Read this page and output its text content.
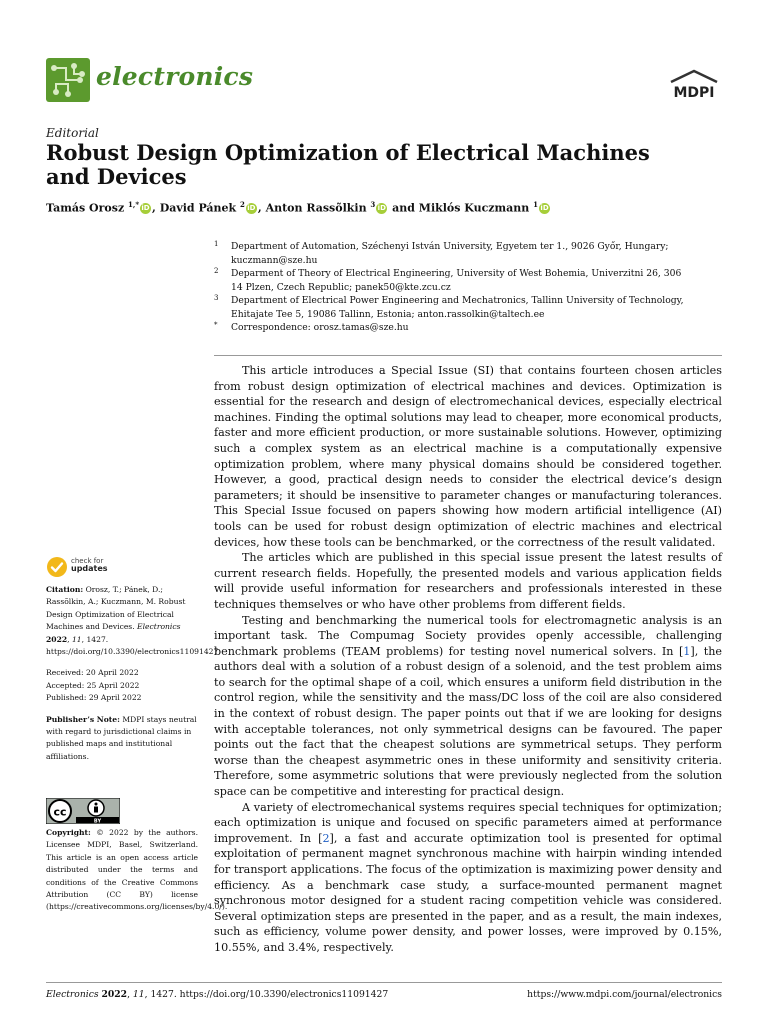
electronics
MDPI
Editorial
Robust Design Optimization of Electrical Machines and Devices
Tamás Orosz $^{1,*}$ iD , David Pánek $^2$ iD , Anton Rassõlkin $^3$ iD and Miklós Kuczmann $^1$ iD
1	Department of Automation, Széchenyi István University, Egyetem ter 1., 9026 Győr, Hungary; kuczmann@sze.hu
2	Deparment of Theory of Electrical Engineering, University of West Bohemia, Univerzitni 26, 306 14 Plzen, Czech Republic; panek50@kte.zcu.cz
3	Department of Electrical Power Engineering and Mechatronics, Tallinn University of Technology, Ehitajate Tee 5, 19086 Tallinn, Estonia; anton.rassolkin@taltech.ee
*	Correspondence: orosz.tamas@sze.hu

This article introduces a Special Issue (SI) that contains fourteen chosen articles from robust design optimization of electrical machines and devices. Optimization is essential for the research and design of electromechanical devices, especially electrical machines. Finding the optimal solutions may lead to cheaper, more economical products, faster and more efficient production, or more sustainable solutions. However, optimizing such a complex system as an electrical machine is a computationally expensive optimization problem, where many physical domains should be considered together. However, a good, practical design needs to consider the electrical device’s design parameters; it should be insensitive to parameter changes or manufacturing tolerances. This Special Issue focused on papers showing how modern artificial intelligence (AI) tools can be used for robust design optimization of electric machines and electrical devices, how these tools can be benchmarked, or the correctness of the result validated.

The articles which are published in this special issue present the latest results of current research fields. Hopefully, the presented models and various application fields will provide useful information for researchers and professionals interested in these techniques themselves or who have other problems from different fields.

Testing and benchmarking the numerical tools for electromagnetic analysis is an important task. The Compumag Society provides openly accessible, challenging benchmark problems (TEAM problems) for testing novel numerical solvers. In [1], the authors deal with a solution of a robust design of a solenoid, and the test problem aims to search for the optimal shape of a coil, which ensures a uniform field distribution in the control region, while the sensitivity and the mass/DC loss of the coil are also considered in the context of robust design. The paper points out that if we are looking for designs with acceptable tolerances, not only symmetrical designs can be favoured. The paper points out the fact that the cheapest solutions are symmetrical setups. They perform worse than the cheapest asymmetric ones in these uniformity and sensitivity criteria. Therefore, some asymmetric solutions that were previously neglected from the solution space can be competitive and interesting for practical design.

A variety of electromechanical systems requires special techniques for optimization; each optimization is unique and focused on specific parameters aimed at performance improvement. In [2], a fast and accurate optimization tool is presented for optimal exploitation of permanent magnet synchronous machine with hairpin winding intended for transport applications. The focus of the optimization is maximizing power density and efficiency. As a benchmark case study, a surface-mounted permanent magnet synchronous motor designed for a student racing competition vehicle was considered. Several optimization steps are presented in the paper, and as a result, the main indexes, such as efficiency, volume power density, and power losses, were improved by 0.15%, 10.55%, and 3.4%, respectively.

check for
updates
Citation: Orosz, T.; Pánek, D.; Rassõlkin, A.; Kuczmann, M. Robust Design Optimization of Electrical Machines and Devices. Electronics 2022, 11, 1427. https://doi.org/10.3390/electronics11091427
Received: 20 April 2022
Accepted: 25 April 2022
Published: 29 April 2022
Publisher’s Note: MDPI stays neutral with regard to jurisdictional claims in published maps and institutional affiliations.
cc
BY
Copyright: © 2022 by the authors. Licensee MDPI, Basel, Switzerland. This article is an open access article distributed under the terms and conditions of the Creative Commons Attribution (CC BY) license (https://creativecommons.org/licenses/by/4.0/).
Electronics 2022, 11, 1427. https://doi.org/10.3390/electronics11091427	https://www.mdpi.com/journal/electronics
